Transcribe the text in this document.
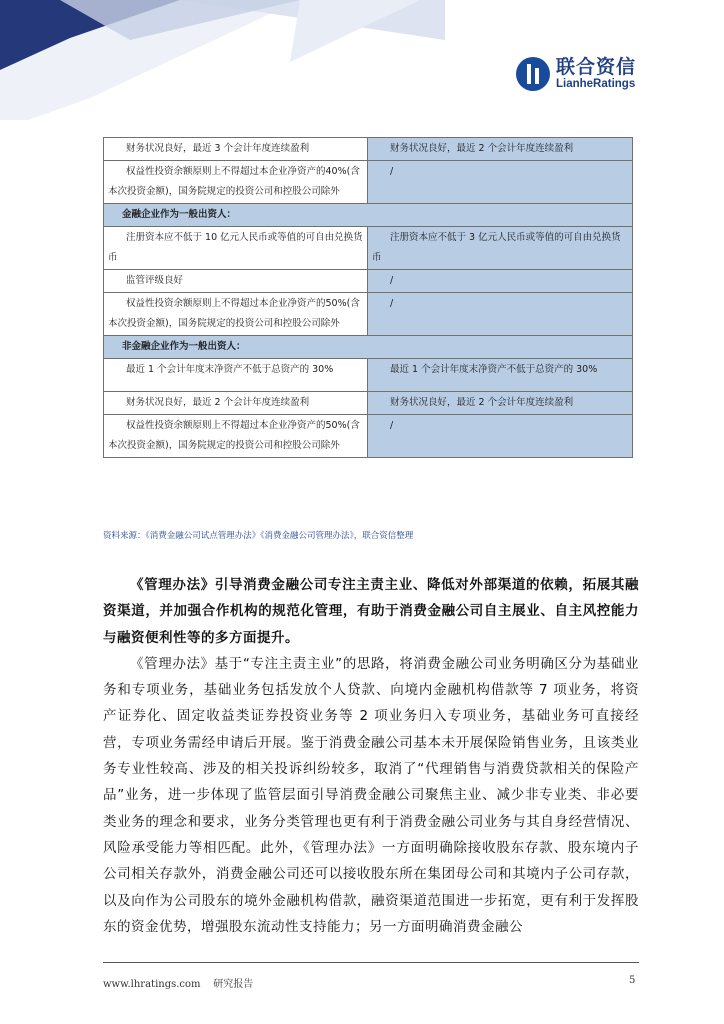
联合资信
LianheRatings
财务状况良好，最近 3 个会计年度连续盈利	财务状况良好，最近 2 个会计年度连续盈利
权益性投资余额原则上不得超过本企业净资产的40%(含本次投资金额)，国务院规定的投资公司和控股公司除外	/
金融企业作为一般出资人：	
注册资本应不低于 10 亿元人民币或等值的可自由兑换货币	注册资本应不低于 3 亿元人民币或等值的可自由兑换货币
监管评级良好	/
权益性投资余额原则上不得超过本企业净资产的50%(含本次投资金额)，国务院规定的投资公司和控股公司除外	/
非金融企业作为一般出资人：	
最近 1 个会计年度末净资产不低于总资产的 30%	最近 1 个会计年度末净资产不低于总资产的 30%
财务状况良好，最近 2 个会计年度连续盈利	财务状况良好，最近 2 个会计年度连续盈利
权益性投资余额原则上不得超过本企业净资产的50%(含本次投资金额)，国务院规定的投资公司和控股公司除外	/
资料来源：《消费金融公司试点管理办法》《消费金融公司管理办法》，联合资信整理

《管理办法》引导消费金融公司专注主责主业、降低对外部渠道的依赖，拓展其融资渠道，并加强合作机构的规范化管理，有助于消费金融公司自主展业、自主风控能力与融资便利性等的多方面提升。

《管理办法》基于“专注主责主业”的思路，将消费金融公司业务明确区分为基础业务和专项业务，基础业务包括发放个人贷款、向境内金融机构借款等 7 项业务，将资产证券化、固定收益类证券投资业务等 2 项业务归入专项业务，基础业务可直接经营，专项业务需经申请后开展。鉴于消费金融公司基本未开展保险销售业务，且该类业务专业性较高、涉及的相关投诉纠纷较多，取消了“代理销售与消费贷款相关的保险产品”业务，进一步体现了监管层面引导消费金融公司聚焦主业、减少非专业类、非必要类业务的理念和要求，业务分类管理也更有利于消费金融公司业务与其自身经营情况、风险承受能力等相匹配。此外，《管理办法》一方面明确除接收股东存款、股东境内子公司相关存款外，消费金融公司还可以接收股东所在集团母公司和其境内子公司存款，以及向作为公司股东的境外金融机构借款，融资渠道范围进一步拓宽，更有利于发挥股东的资金优势，增强股东流动性支持能力；另一方面明确消费金融公

www.lhratings.com 研究报告	5
